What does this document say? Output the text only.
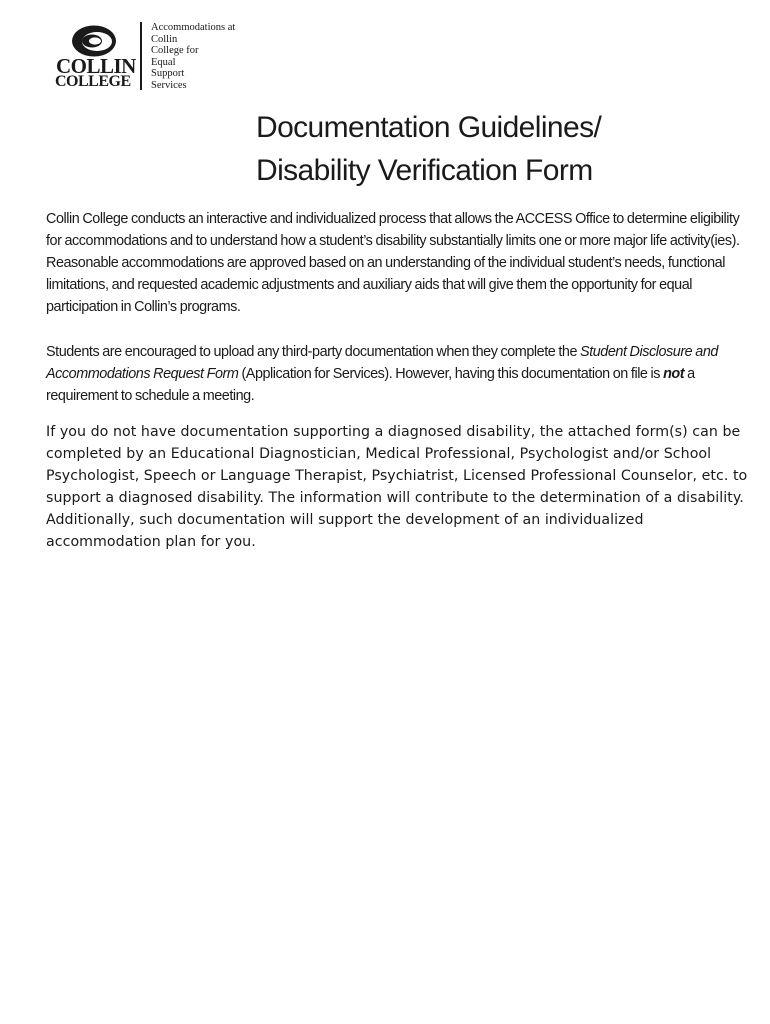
COLLIN
COLLEGE
Accommodations at
Collin
College for
Equal
Support
Services
Documentation Guidelines/
Disability Verification Form

Collin College conducts an interactive and individualized process that allows the ACCESS Office to determine eligibility for accommodations and to understand how a student’s disability substantially limits one or more major life activity(ies). Reasonable accommodations are approved based on an understanding of the individual student’s needs, functional limitations, and requested academic adjustments and auxiliary aids that will give them the opportunity for equal participation in Collin’s programs.

Students are encouraged to upload any third-party documentation when they complete the Student Disclosure and Accommodations Request Form (Application for Services). However, having this documentation on file is not a requirement to schedule a meeting.

If you do not have documentation supporting a diagnosed disability, the attached form(s) can be completed by an Educational Diagnostician, Medical Professional, Psychologist and/or School Psychologist, Speech or Language Therapist, Psychiatrist, Licensed Professional Counselor, etc. to support a diagnosed disability. The information will contribute to the determination of a disability. Additionally, such documentation will support the development of an individualized accommodation plan for you.
